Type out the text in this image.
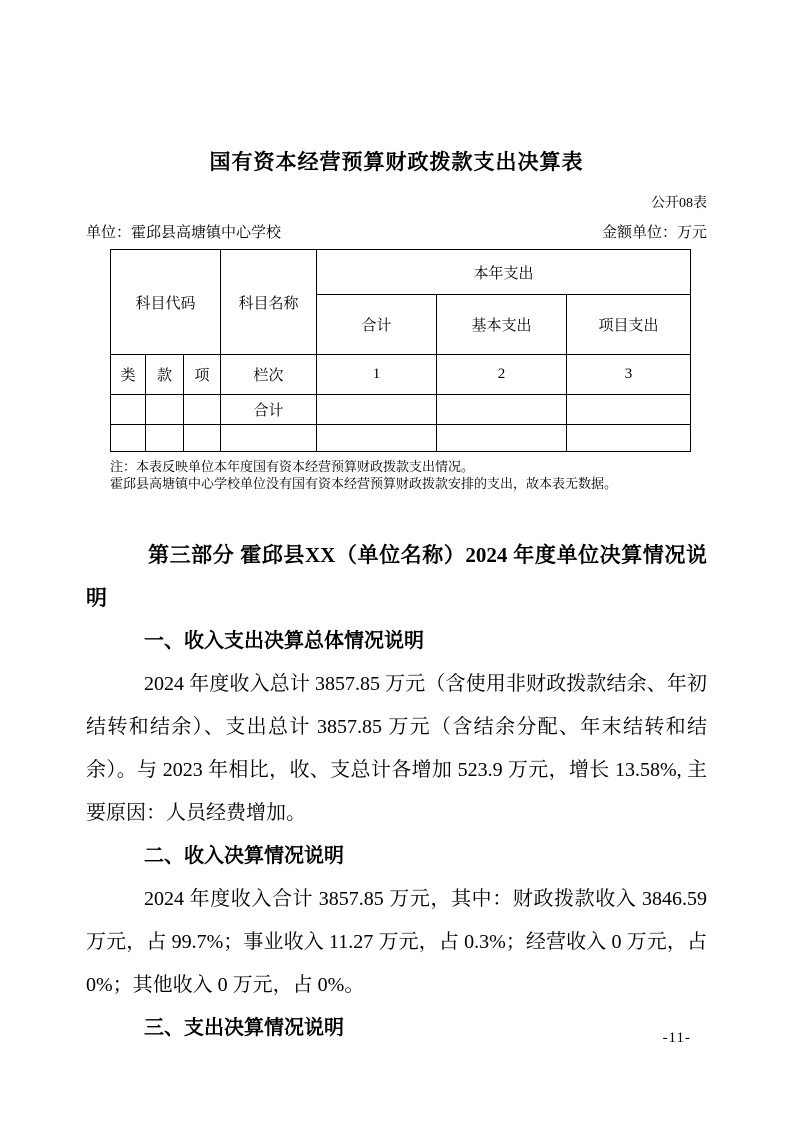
国有资本经营预算财政拨款支出决算表
公开08表
单位：霍邱县高塘镇中心学校	金额单位：万元
科目代码			科目名称	本年支出		
				合计	基本支出	项目支出
类	款	项	栏次	1	2	3
			合计			

注：本表反映单位本年度国有资本经营预算财政拨款支出情况。
霍邱县高塘镇中心学校单位没有国有资本经营预算财政拨款安排的支出，故本表无数据。
第三部分 霍邱县XX（单位名称）2024 年度单位决算情况说明
一、收入支出决算总体情况说明

2024 年度收入总计 3857.85 万元（含使用非财政拨款结余、年初结转和结余）、支出总计 3857.85 万元（含结余分配、年末结转和结余）。与 2023 年相比，收、支总计各增加 523.9 万元，增长 13.58%, 主要原因：人员经费增加。

二、收入决算情况说明

2024 年度收入合计 3857.85 万元，其中：财政拨款收入 3846.59 万元，占 99.7%；事业收入 11.27 万元，占 0.3%；经营收入 0 万元，占 0%；其他收入 0 万元，占 0%。

三、支出决算情况说明	-11-
